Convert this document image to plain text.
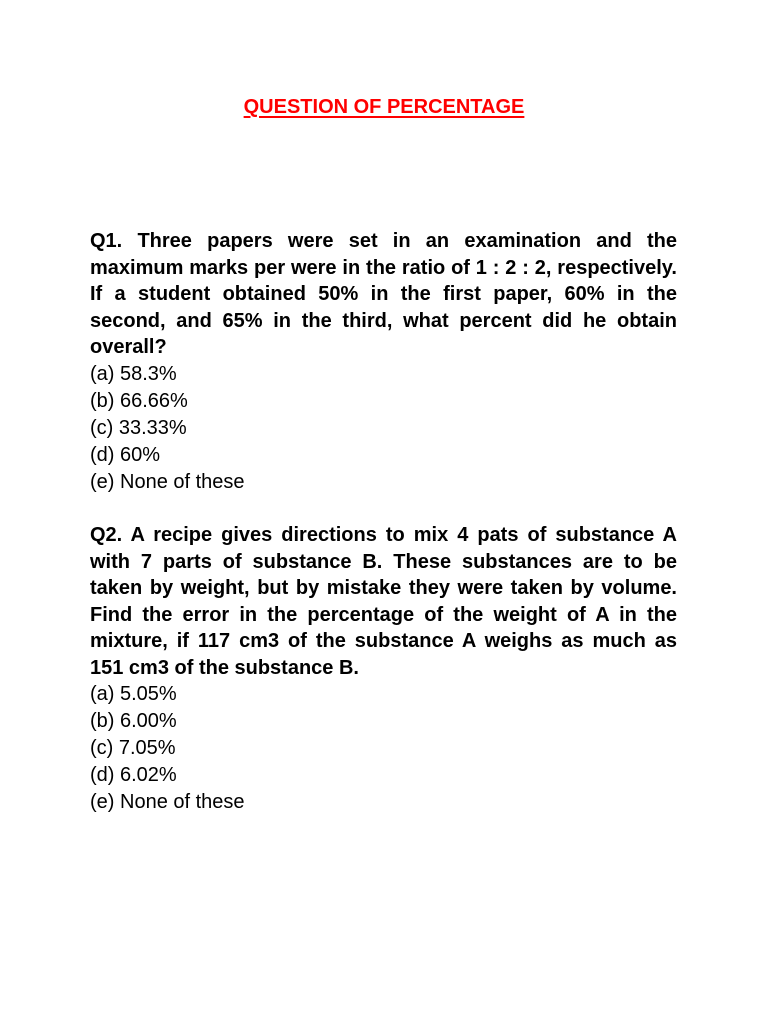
QUESTION OF PERCENTAGE

Q1. Three papers were set in an examination and the maximum marks per were in the ratio of 1 : 2 : 2, respectively. If a student obtained 50% in the first paper, 60% in the second, and 65% in the third, what percent did he obtain overall?

(a) 58.3%
(b) 66.66%
(c) 33.33%
(d) 60%
(e) None of these

Q2. A recipe gives directions to mix 4 pats of substance A with 7 parts of substance B. These substances are to be taken by weight, but by mistake they were taken by volume. Find the error in the percentage of the weight of A in the mixture, if 117 cm3 of the substance A weighs as much as 151 cm3 of the substance B.

(a) 5.05%
(b) 6.00%
(c) 7.05%
(d) 6.02%
(e) None of these
